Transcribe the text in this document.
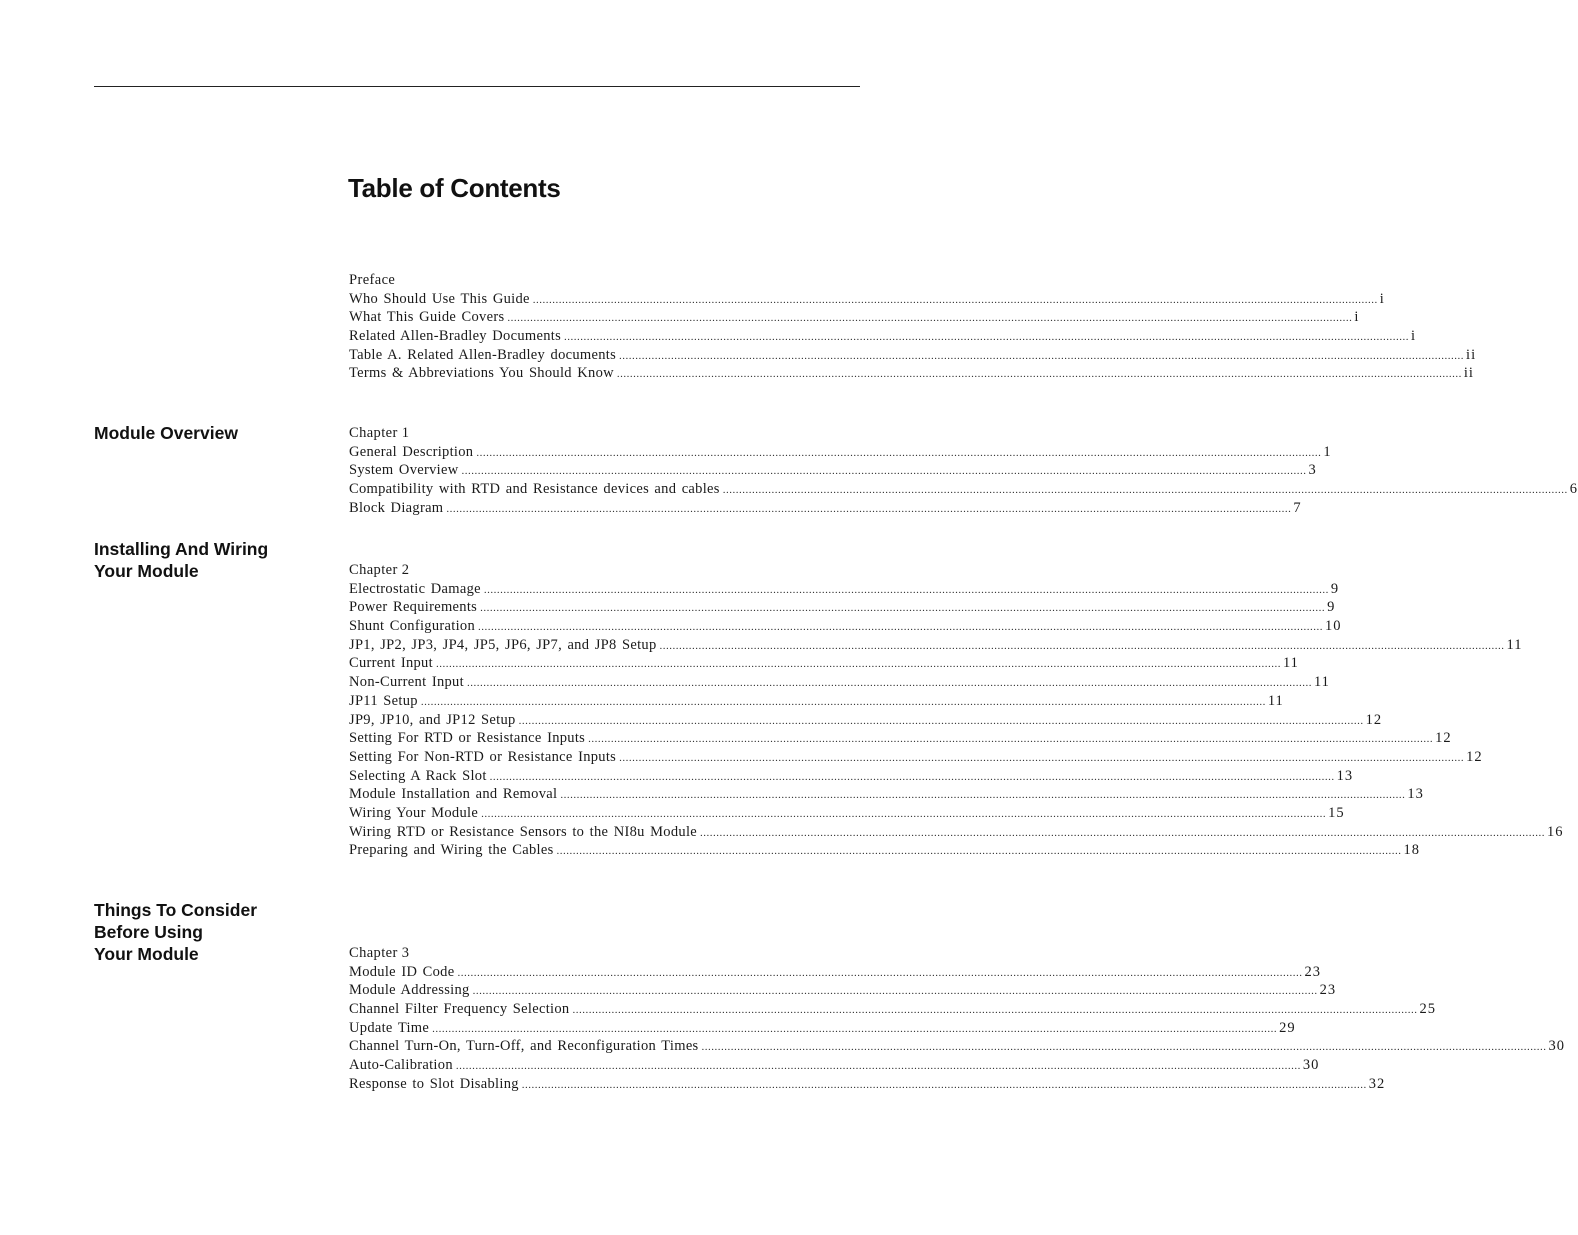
Table of Contents
Preface
Who Should Use This Guide .................................................................................................................................................................................................................................................................... i
What This Guide Covers .................................................................................................................................................................................................................................................................... i
Related Allen-Bradley Documents .................................................................................................................................................................................................................................................................... i
Table A. Related Allen-Bradley documents .................................................................................................................................................................................................................................................................... ii
Terms & Abbreviations You Should Know .................................................................................................................................................................................................................................................................... ii
Module Overview	Chapter 1
General Description .................................................................................................................................................................................................................................................................... 1
System Overview .................................................................................................................................................................................................................................................................... 3
Compatibility with RTD and Resistance devices and cables .................................................................................................................................................................................................................................................................... 6
Block Diagram .................................................................................................................................................................................................................................................................... 7
Installing And Wiring
Your Module	Chapter 2
Electrostatic Damage .................................................................................................................................................................................................................................................................... 9
Power Requirements .................................................................................................................................................................................................................................................................... 9
Shunt Configuration .................................................................................................................................................................................................................................................................... 10
JP1, JP2, JP3, JP4, JP5, JP6, JP7, and JP8 Setup .................................................................................................................................................................................................................................................................... 11
Current Input .................................................................................................................................................................................................................................................................... 11
Non-Current Input .................................................................................................................................................................................................................................................................... 11
JP11 Setup .................................................................................................................................................................................................................................................................... 11
JP9, JP10, and JP12 Setup .................................................................................................................................................................................................................................................................... 12
Setting For RTD or Resistance Inputs .................................................................................................................................................................................................................................................................... 12
Setting For Non-RTD or Resistance Inputs .................................................................................................................................................................................................................................................................... 12
Selecting A Rack Slot .................................................................................................................................................................................................................................................................... 13
Module Installation and Removal .................................................................................................................................................................................................................................................................... 13
Wiring Your Module .................................................................................................................................................................................................................................................................... 15
Wiring RTD or Resistance Sensors to the NI8u Module .................................................................................................................................................................................................................................................................... 16
Preparing and Wiring the Cables .................................................................................................................................................................................................................................................................... 18
Things To Consider
Before Using
Your Module	Chapter 3
Module ID Code .................................................................................................................................................................................................................................................................... 23
Module Addressing .................................................................................................................................................................................................................................................................... 23
Channel Filter Frequency Selection .................................................................................................................................................................................................................................................................... 25
Update Time .................................................................................................................................................................................................................................................................... 29
Channel Turn-On, Turn-Off, and Reconfiguration Times .................................................................................................................................................................................................................................................................... 30
Auto-Calibration .................................................................................................................................................................................................................................................................... 30
Response to Slot Disabling .................................................................................................................................................................................................................................................................... 32
